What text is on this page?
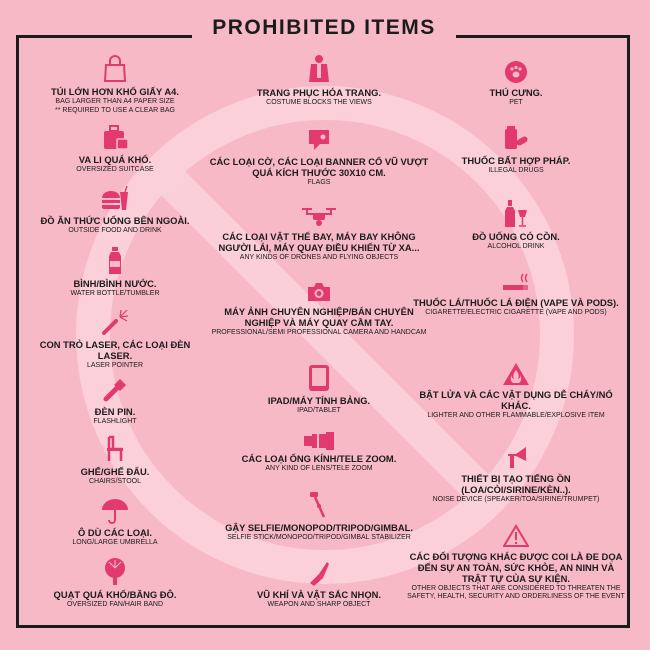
PROHIBITED ITEMS
TÚI LỚN HƠN KHỔ GIẤY A4.
BAG LARGER THAN A4 PAPER SIZE
** REQUIRED TO USE A CLEAR BAG
VA LI QUÁ KHỔ.
OVERSIZED SUITCASE
ĐỒ ĂN THỨC UỐNG BÊN NGOÀI.
OUTSIDE FOOD AND DRINK
BÌNH/BÌNH NƯỚC.
WATER BOTTLE/TUMBLER
CON TRỎ LASER, CÁC LOẠI ĐÈN LASER.
LASER POINTER
ĐÈN PIN.
FLASHLIGHT
GHẾ/GHẾ ĐẨU.
CHAIRS/STOOL
Ô DÙ CÁC LOẠI.
LONG/LARGE UMBRELLA
QUẠT QUÁ KHỔ/BĂNG ĐÔ.
OVERSIZED FAN/HAIR BAND
TRANG PHỤC HÓA TRANG.
COSTUME BLOCKS THE VIEWS
CÁC LOẠI CỜ, CÁC LOẠI BANNER CỔ VŨ VƯỢT QUÁ KÍCH THƯỚC 30X10 CM.
FLAGS
CÁC LOẠI VẬT THỂ BAY, MÁY BAY KHÔNG NGƯỜI LÁI, MÁY QUAY ĐIỀU KHIỂN TỪ XA...
ANY KINDS OF DRONES AND FLYING OBJECTS
MÁY ẢNH CHUYÊN NGHIỆP/BÁN CHUYÊN NGHIỆP VÀ MÁY QUAY CẦM TAY.
PROFESSIONAL/SEMI PROFESSIONAL CAMERA AND HANDCAM
IPAD/MÁY TÍNH BẢNG.
IPAD/TABLET
CÁC LOẠI ỐNG KÍNH/TELE ZOOM.
ANY KIND OF LENS/TELE ZOOM
GẬY SELFIE/MONOPOD/TRIPOD/GIMBAL.
SELFIE STICK/MONOPOD/TRIPOD/GIMBAL STABILIZER
VŨ KHÍ VÀ VẬT SẮC NHỌN.
WEAPON AND SHARP OBJECT
THÚ CƯNG.
PET
THUỐC BẤT HỢP PHÁP.
ILLEGAL DRUGS
ĐỒ UỐNG CÓ CỒN.
ALCOHOL DRINK
THUỐC LÁ/THUỐC LÁ ĐIỆN (VAPE VÀ PODS).
CIGARETTE/ELECTRIC CIGARETTE (VAPE AND PODS)
BẬT LỬA VÀ CÁC VẬT DỤNG DỄ CHÁY/NỔ KHÁC.
LIGHTER AND OTHER FLAMMABLE/EXPLOSIVE ITEM
THIẾT BỊ TẠO TIẾNG ỒN (LOA/CÒI/SIRINE/KÈN..).
NOISE DEVICE (SPEAKER/TOA/SIRINE/TRUMPET)
CÁC ĐỐI TƯỢNG KHÁC ĐƯỢC COI LÀ ĐE DỌA ĐẾN SỰ AN TOÀN, SỨC KHỎE, AN NINH VÀ TRẬT TỰ CỦA SỰ KIỆN.
OTHER OBJECTS THAT ARE CONSIDERED TO THREATEN THE SAFETY, HEALTH, SECURITY AND ORDERLINESS OF THE EVENT
